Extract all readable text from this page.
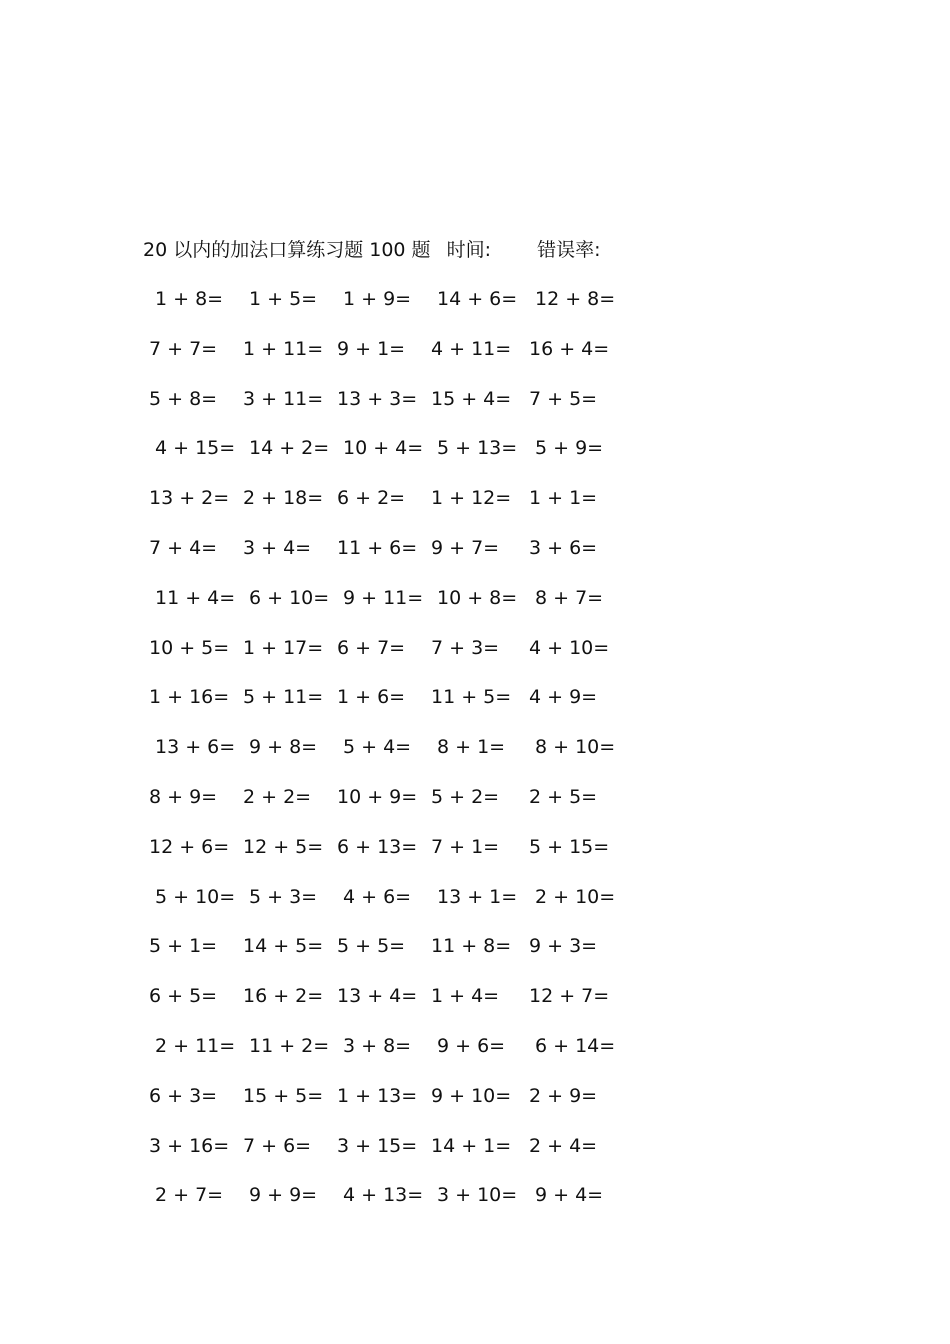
20 以内的加法口算练习题 100 题 时间: 错误率:
1 + 8= 1 + 5= 1 + 9= 14 + 6= 12 + 8=
7 + 7= 1 + 11= 9 + 1= 4 + 11= 16 + 4=
5 + 8= 3 + 11= 13 + 3= 15 + 4= 7 + 5=
4 + 15= 14 + 2= 10 + 4= 5 + 13= 5 + 9=
13 + 2= 2 + 18= 6 + 2= 1 + 12= 1 + 1=
7 + 4= 3 + 4= 11 + 6= 9 + 7= 3 + 6=
11 + 4= 6 + 10= 9 + 11= 10 + 8= 8 + 7=
10 + 5= 1 + 17= 6 + 7= 7 + 3= 4 + 10=
1 + 16= 5 + 11= 1 + 6= 11 + 5= 4 + 9=
13 + 6= 9 + 8= 5 + 4= 8 + 1= 8 + 10=
8 + 9= 2 + 2= 10 + 9= 5 + 2= 2 + 5=
12 + 6= 12 + 5= 6 + 13= 7 + 1= 5 + 15=
5 + 10= 5 + 3= 4 + 6= 13 + 1= 2 + 10=
5 + 1= 14 + 5= 5 + 5= 11 + 8= 9 + 3=
6 + 5= 16 + 2= 13 + 4= 1 + 4= 12 + 7=
2 + 11= 11 + 2= 3 + 8= 9 + 6= 6 + 14=
6 + 3= 15 + 5= 1 + 13= 9 + 10= 2 + 9=
3 + 16= 7 + 6= 3 + 15= 14 + 1= 2 + 4=
2 + 7= 9 + 9= 4 + 13= 3 + 10= 9 + 4=
